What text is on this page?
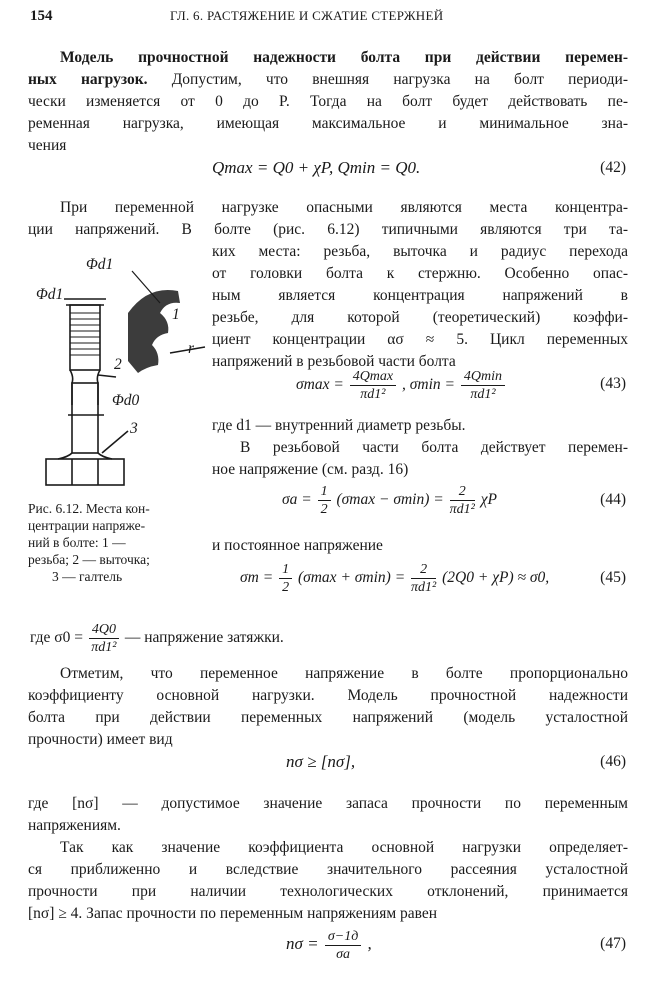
154	ГЛ. 6. РАСТЯЖЕНИЕ И СЖАТИЕ СТЕРЖНЕЙ
Модель прочностной надежности болта при действии перемен-
ных нагрузок. Допустим, что внешняя нагрузка на болт периоди-
чески изменяется от 0 до P. Тогда на болт будет действовать пе-
ременная нагрузка, имеющая максимальное и минимальное зна-
чения
Qmax = Q0 + χP, Qmin = Q0.	(42)
При переменной нагрузке опасными являются места концентра-
ции напряжений. В болте (рис. 6.12) типичными являются три та-
ких места: резьба, выточка и радиус перехода
от головки болта к стержню. Особенно опас-
ным является концентрация напряжений в
резьбе, для которой (теоретический) коэффи-
циент концентрации ασ ≈ 5. Цикл переменных
напряжений в резьбовой части болта
Φd1
Φd1
Φd0
1
2
3
r
Рис. 6.12. Места кон-
центрации напряже-
ний в болте: 1 —
резьба; 2 — выточка;
3 — галтель
$\sigma\max = \frac{4Qmax}{\text{πd1²}}$ , $\sigma\min = \frac{4Qmin}{\text{πd1²}}$	(43)
где d1 — внутренний диаметр резьбы.
В резьбовой части болта действует перемен-
ное напряжение (см. разд. 16)
$\sigma a = \frac{1}{2} (\sigma\max - \sigma\min) = \frac{2}{\text{πd1²}}$ χP	(44)
и постоянное напряжение
$\sigma m = \frac{1}{2} (\sigma\max + \sigma\min) = \frac{2}{\text{πd1²}} (2Q0 + \chi P) \approx \sigma 0$,	(45)
где $\sigma 0 = \frac{4Q0}{\text{πd1²}}$ — напряжение затяжки.
Отметим, что переменное напряжение в болте пропорционально
коэффициенту основной нагрузки. Модель прочностной надежности
болта при действии переменных напряжений (модель усталостной
прочности) имеет вид
nσ ≥ [nσ],	(46)
где [nσ] — допустимое значение запаса прочности по переменным
напряжениям.
Так как значение коэффициента основной нагрузки определяет-
ся приближенно и вследствие значительного рассеяния усталостной
прочности при наличии технологических отклонений, принимается
[nσ] ≥ 4. Запас прочности по переменным напряжениям равен
$n\sigma = \frac{\sigma-1д}{\sigma a}$ ,	(47)
